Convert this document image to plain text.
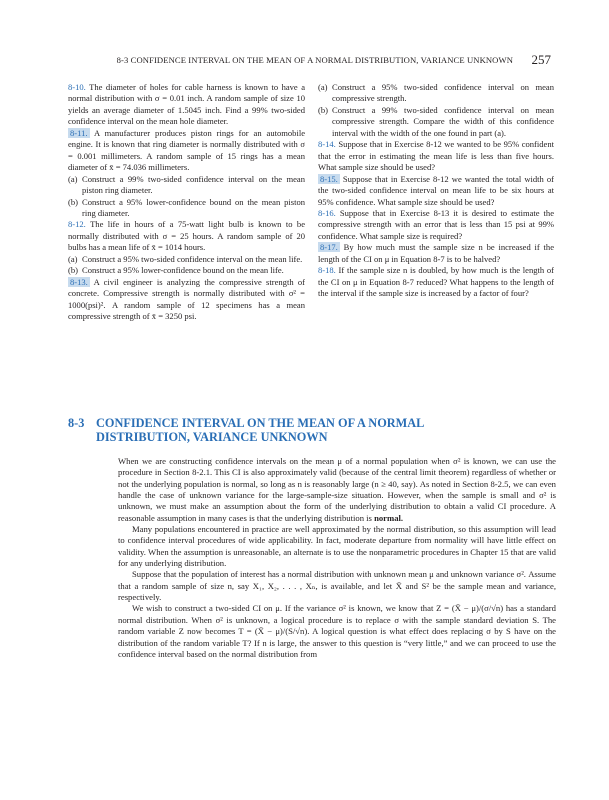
8-3 CONFIDENCE INTERVAL ON THE MEAN OF A NORMAL DISTRIBUTION, VARIANCE UNKNOWN 257

8-10. The diameter of holes for cable harness is known to have a normal distribution with σ = 0.01 inch. A random sample of size 10 yields an average diameter of 1.5045 inch. Find a 99% two-sided confidence interval on the mean hole diameter.

8-11. A manufacturer produces piston rings for an automobile engine. It is known that ring diameter is normally distributed with σ = 0.001 millimeters. A random sample of 15 rings has a mean diameter of x̄ = 74.036 millimeters.

(a) Construct a 99% two-sided confidence interval on the mean piston ring diameter.
(b) Construct a 95% lower-confidence bound on the mean piston ring diameter.

8-12. The life in hours of a 75-watt light bulb is known to be normally distributed with σ = 25 hours. A random sample of 20 bulbs has a mean life of x̄ = 1014 hours.

(a) Construct a 95% two-sided confidence interval on the mean life.
(b) Construct a 95% lower-confidence bound on the mean life.

8-13. A civil engineer is analyzing the compressive strength of concrete. Compressive strength is normally distributed with σ² = 1000(psi)². A random sample of 12 specimens has a mean compressive strength of x̄ = 3250 psi.

(a) Construct a 95% two-sided confidence interval on mean compressive strength.
(b) Construct a 99% two-sided confidence interval on mean compressive strength. Compare the width of this confidence interval with the width of the one found in part (a).

8-14. Suppose that in Exercise 8-12 we wanted to be 95% confident that the error in estimating the mean life is less than five hours. What sample size should be used?

8-15. Suppose that in Exercise 8-12 we wanted the total width of the two-sided confidence interval on mean life to be six hours at 95% confidence. What sample size should be used?

8-16. Suppose that in Exercise 8-13 it is desired to estimate the compressive strength with an error that is less than 15 psi at 99% confidence. What sample size is required?

8-17. By how much must the sample size n be increased if the length of the CI on μ in Equation 8-7 is to be halved?

8-18. If the sample size n is doubled, by how much is the length of the CI on μ in Equation 8-7 reduced? What happens to the length of the interval if the sample size is increased by a factor of four?

8-3 CONFIDENCE INTERVAL ON THE MEAN OF A NORMAL DISTRIBUTION, VARIANCE UNKNOWN

When we are constructing confidence intervals on the mean μ of a normal population when σ² is known, we can use the procedure in Section 8-2.1. This CI is also approximately valid (because of the central limit theorem) regardless of whether or not the underlying population is normal, so long as n is reasonably large (n ≥ 40, say). As noted in Section 8-2.5, we can even handle the case of unknown variance for the large-sample-size situation. However, when the sample is small and σ² is unknown, we must make an assumption about the form of the underlying distribution to obtain a valid CI procedure. A reasonable assumption in many cases is that the underlying distribution is normal.

Many populations encountered in practice are well approximated by the normal distribution, so this assumption will lead to confidence interval procedures of wide applicability. In fact, moderate departure from normality will have little effect on validity. When the assumption is unreasonable, an alternate is to use the nonparametric procedures in Chapter 15 that are valid for any underlying distribution.

Suppose that the population of interest has a normal distribution with unknown mean μ and unknown variance σ². Assume that a random sample of size n, say X₁, X₂, . . . , Xₙ, is available, and let X̄ and S² be the sample mean and variance, respectively.

We wish to construct a two-sided CI on μ. If the variance σ² is known, we know that Z = (X̄ − μ)/(σ/√n) has a standard normal distribution. When σ² is unknown, a logical procedure is to replace σ with the sample standard deviation S. The random variable Z now becomes T = (X̄ − μ)/(S/√n). A logical question is what effect does replacing σ by S have on the distribution of the random variable T? If n is large, the answer to this question is “very little,” and we can proceed to use the confidence interval based on the normal distribution from
